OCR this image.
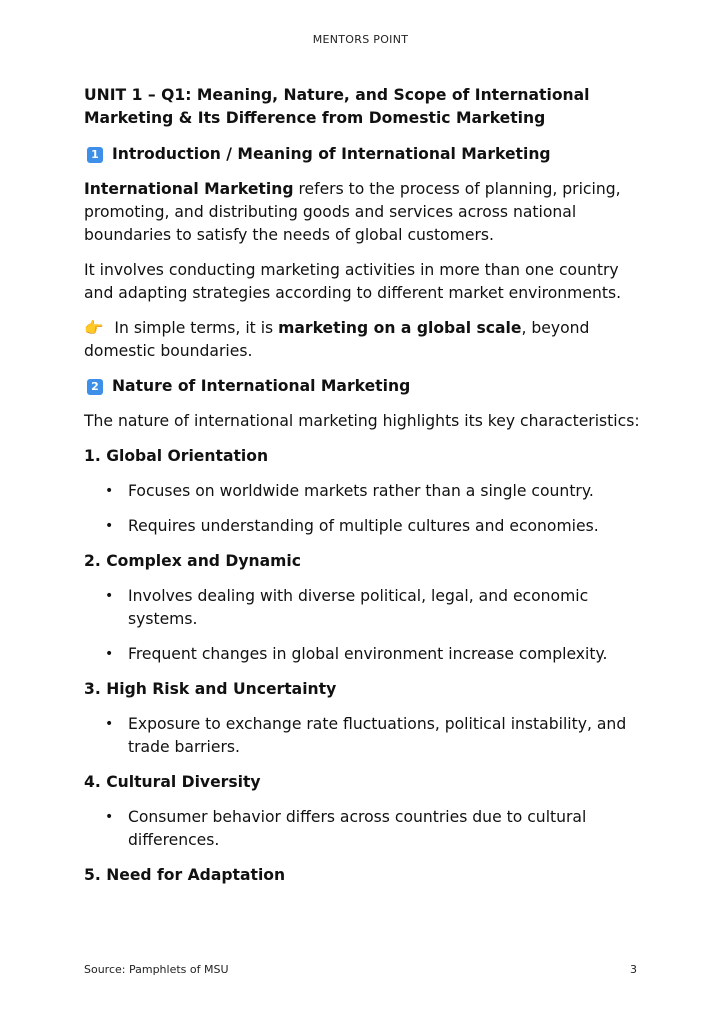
MENTORS POINT
UNIT 1 – Q1: Meaning, Nature, and Scope of International Marketing & Its Difference from Domestic Marketing
1 Introduction / Meaning of International Marketing

International Marketing refers to the process of planning, pricing, promoting, and distributing goods and services across national boundaries to satisfy the needs of global customers.

It involves conducting marketing activities in more than one country and adapting strategies according to different market environments.

👉 In simple terms, it is marketing on a global scale, beyond domestic boundaries.

2 Nature of International Marketing

The nature of international marketing highlights its key characteristics:

1. Global Orientation
• Focuses on worldwide markets rather than a single country.
• Requires understanding of multiple cultures and economies.
2. Complex and Dynamic
• Involves dealing with diverse political, legal, and economic systems.
• Frequent changes in global environment increase complexity.
3. High Risk and Uncertainty
• Exposure to exchange rate fluctuations, political instability, and trade barriers.
4. Cultural Diversity
• Consumer behavior differs across countries due to cultural differences.
5. Need for Adaptation
Source: Pamphlets of MSU	3
